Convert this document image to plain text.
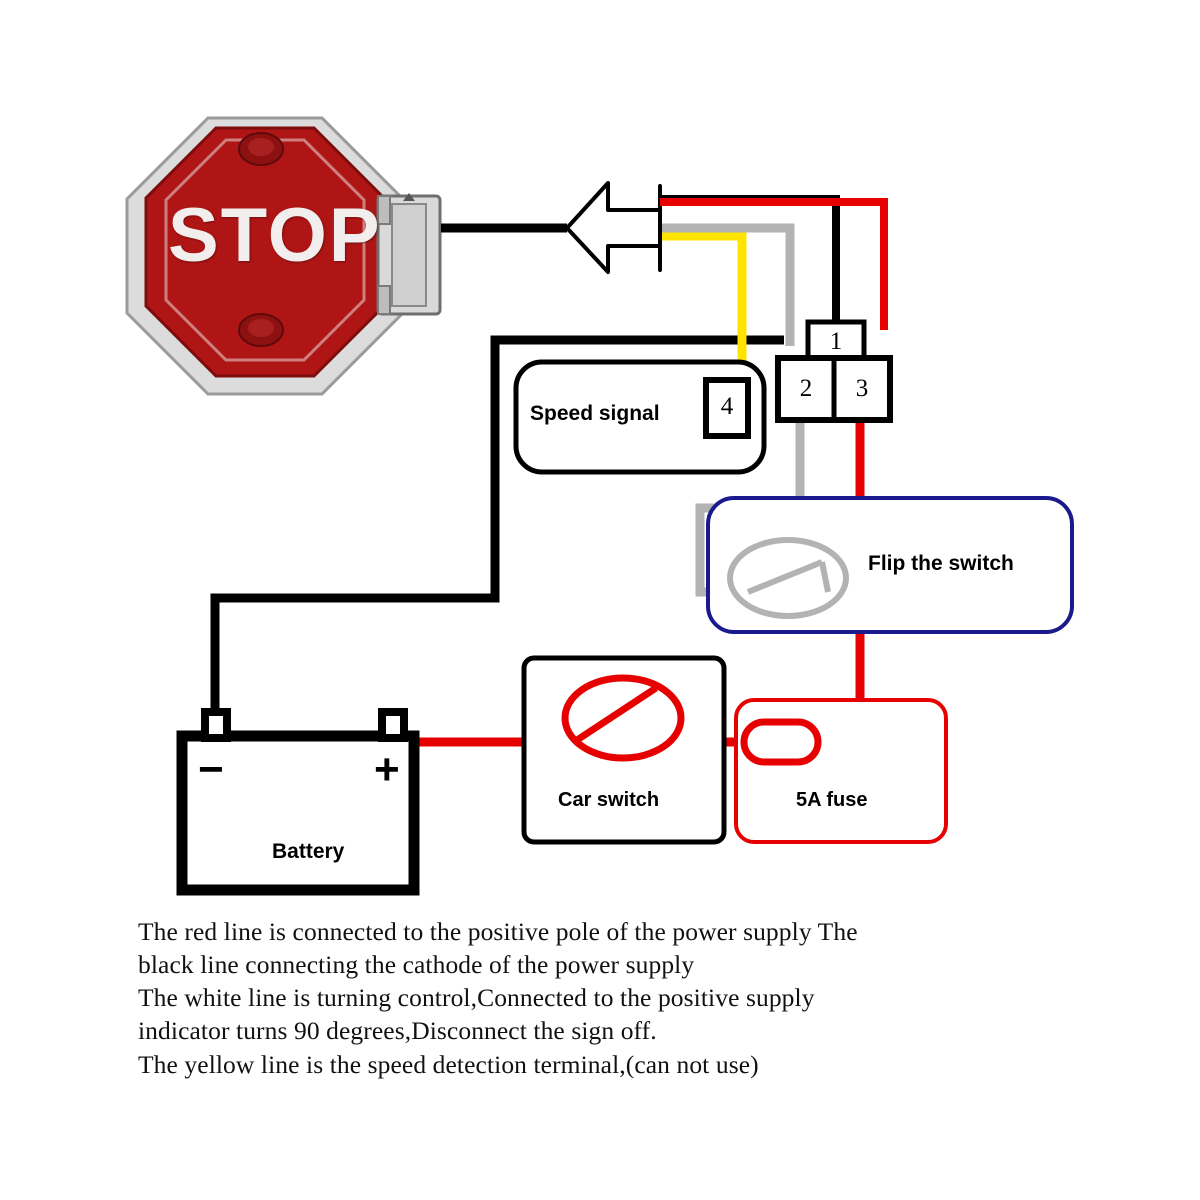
STOP
Speed signal
Flip the switch
Car switch	5A fuse
Battery
−	+
1
2	3
4
The red line is connected to the positive pole of the power supply The
black line connecting the cathode of the power supply
The white line is turning control,Connected to the positive supply
indicator turns 90 degrees,Disconnect the sign off.
The yellow line is the speed detection terminal,(can not use)
